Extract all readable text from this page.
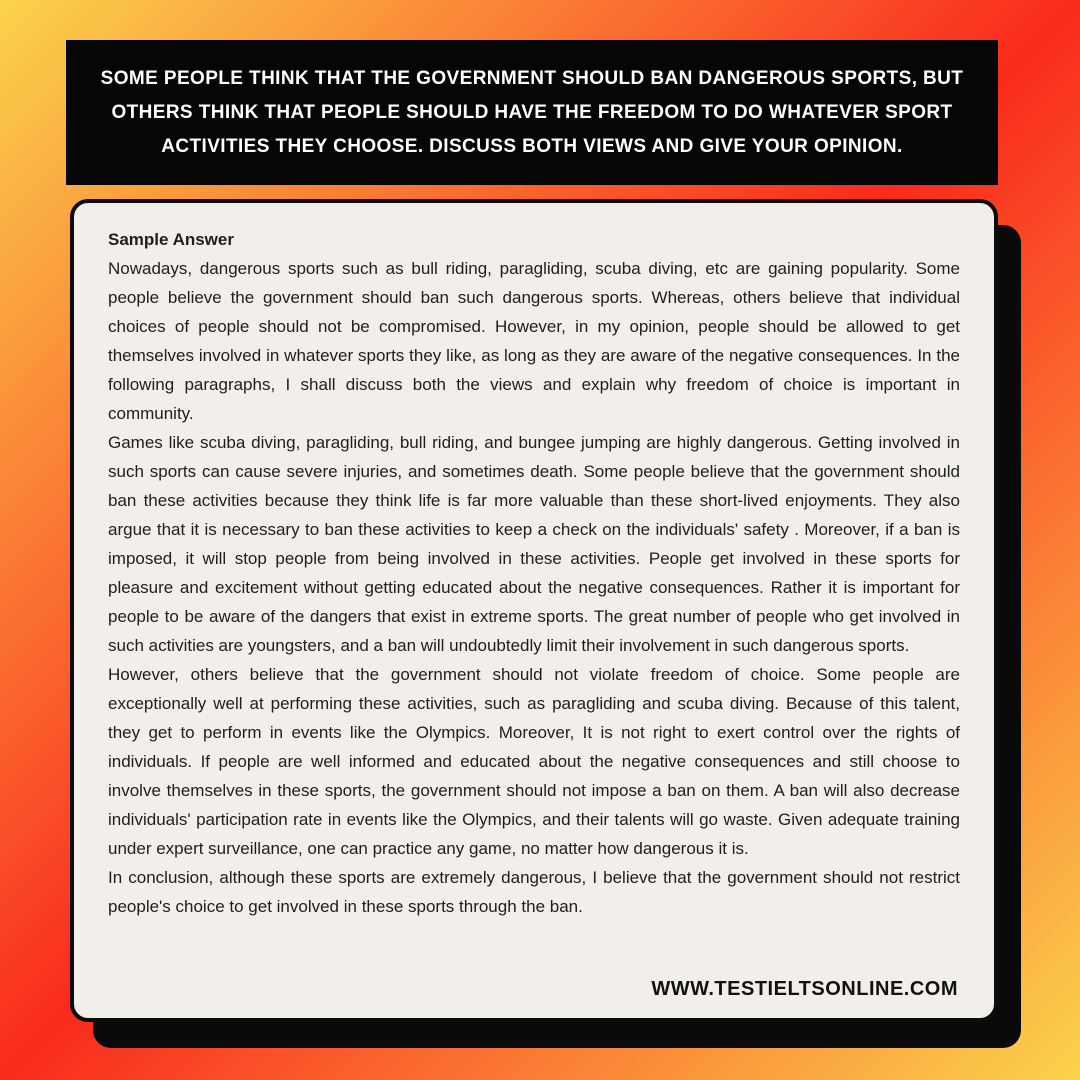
SOME PEOPLE THINK THAT THE GOVERNMENT SHOULD BAN DANGEROUS SPORTS, BUT OTHERS THINK THAT PEOPLE SHOULD HAVE THE FREEDOM TO DO WHATEVER SPORT ACTIVITIES THEY CHOOSE. DISCUSS BOTH VIEWS AND GIVE YOUR OPINION.

Sample Answer

Nowadays, dangerous sports such as bull riding, paragliding, scuba diving, etc are gaining popularity. Some people believe the government should ban such dangerous sports. Whereas, others believe that individual choices of people should not be compromised. However, in my opinion, people should be allowed to get themselves involved in whatever sports they like, as long as they are aware of the negative consequences. In the following paragraphs, I shall discuss both the views and explain why freedom of choice is important in community.

Games like scuba diving, paragliding, bull riding, and bungee jumping are highly dangerous. Getting involved in such sports can cause severe injuries, and sometimes death. Some people believe that the government should ban these activities because they think life is far more valuable than these short-lived enjoyments. They also argue that it is necessary to ban these activities to keep a check on the individuals' safety . Moreover, if a ban is imposed, it will stop people from being involved in these activities. People get involved in these sports for pleasure and excitement without getting educated about the negative consequences. Rather it is important for people to be aware of the dangers that exist in extreme sports. The great number of people who get involved in such activities are youngsters, and a ban will undoubtedly limit their involvement in such dangerous sports.

However, others believe that the government should not violate freedom of choice. Some people are exceptionally well at performing these activities, such as paragliding and scuba diving. Because of this talent, they get to perform in events like the Olympics. Moreover, It is not right to exert control over the rights of individuals. If people are well informed and educated about the negative consequences and still choose to involve themselves in these sports, the government should not impose a ban on them. A ban will also decrease individuals' participation rate in events like the Olympics, and their talents will go waste. Given adequate training under expert surveillance, one can practice any game, no matter how dangerous it is.

In conclusion, although these sports are extremely dangerous, I believe that the government should not restrict people's choice to get involved in these sports through the ban.

WWW.TESTIELTSONLINE.COM
